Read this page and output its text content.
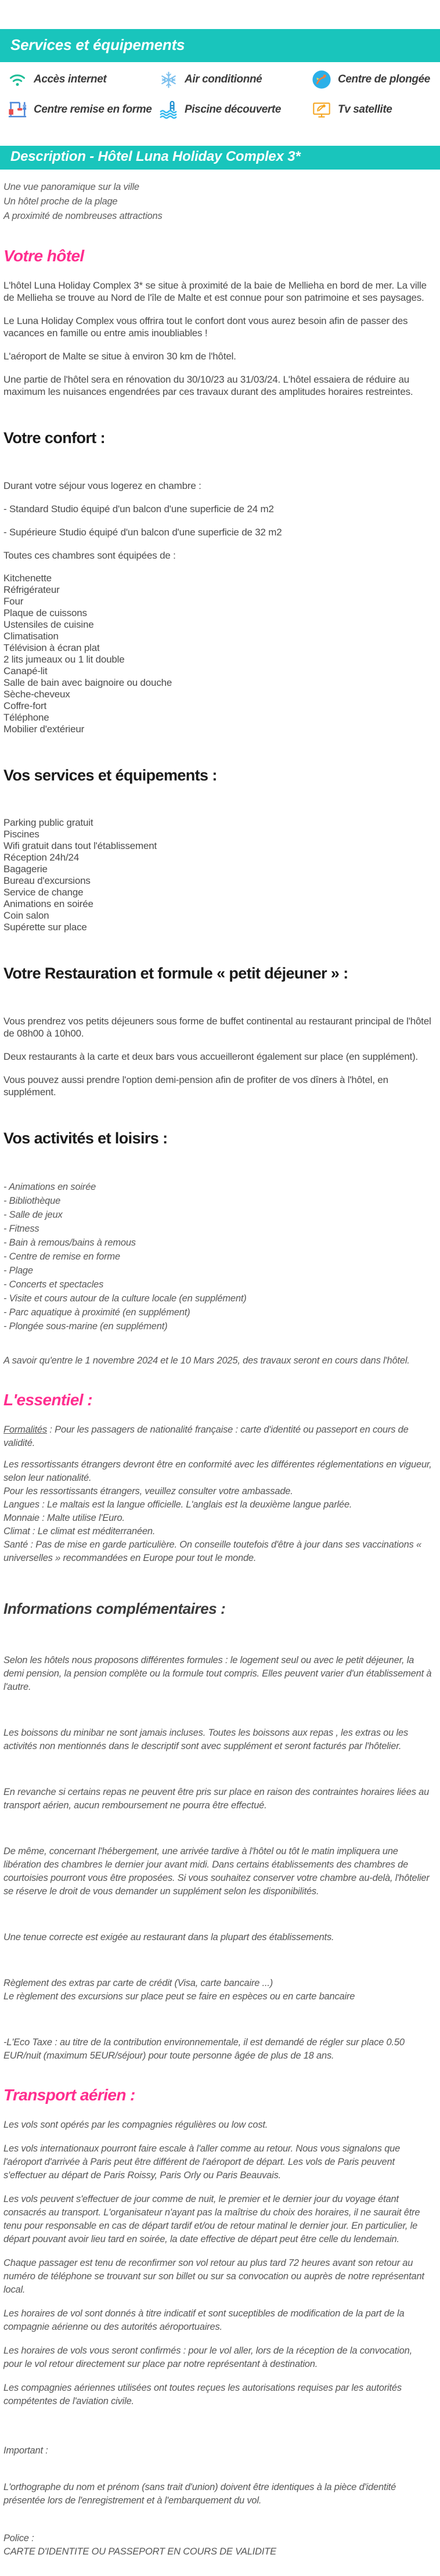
Services et équipements
Accès internet	Air conditionné	Centre de plongée
Centre remise en forme	Piscine découverte	Tv satellite
Description - Hôtel Luna Holiday Complex 3*
Une vue panoramique sur la ville
Un hôtel proche de la plage
A proximité de nombreuses attractions
Votre hôtel

L'hôtel Luna Holiday Complex 3* se situe à proximité de la baie de Mellieha en bord de mer. La ville de Mellieha se trouve au Nord de l'île de Malte et est connue pour son patrimoine et ses paysages.

Le Luna Holiday Complex vous offrira tout le confort dont vous aurez besoin afin de passer des vacances en famille ou entre amis inoubliables !

L'aéroport de Malte se situe à environ 30 km de l'hôtel.

Une partie de l'hôtel sera en rénovation du 30/10/23 au 31/03/24. L'hôtel essaiera de réduire au maximum les nuisances engendrées par ces travaux durant des amplitudes horaires restreintes.

Votre confort :

Durant votre séjour vous logerez en chambre :

- Standard Studio équipé d'un balcon d'une superficie de 24 m2

- Supérieure Studio équipé d'un balcon d'une superficie de 32 m2

Toutes ces chambres sont équipées de :

Kitchenette
Réfrigérateur
Four
Plaque de cuissons
Ustensiles de cuisine
Climatisation
Télévision à écran plat
2 lits jumeaux ou 1 lit double
Canapé-lit
Salle de bain avec baignoire ou douche
Sèche-cheveux
Coffre-fort
Téléphone
Mobilier d'extérieur
Vos services et équipements :
Parking public gratuit
Piscines
Wifi gratuit dans tout l'établissement
Réception 24h/24
Bagagerie
Bureau d'excursions
Service de change
Animations en soirée
Coin salon
Supérette sur place
Votre Restauration et formule « petit déjeuner » :

Vous prendrez vos petits déjeuners sous forme de buffet continental au restaurant principal de l'hôtel de 08h00 à 10h00.

Deux restaurants à la carte et deux bars vous accueilleront également sur place (en supplément).

Vous pouvez aussi prendre l'option demi-pension afin de profiter de vos dîners à l'hôtel, en supplément.

Vos activités et loisirs :
- Animations en soirée
- Bibliothèque
- Salle de jeux
- Fitness
- Bain à remous/bains à remous
- Centre de remise en forme
- Plage
- Concerts et spectacles
- Visite et cours autour de la culture locale (en supplément)
- Parc aquatique à proximité (en supplément)
- Plongée sous-marine (en supplément)
A savoir qu'entre le 1 novembre 2024 et le 10 Mars 2025, des travaux seront en cours dans l'hôtel.
L'essentiel :

Formalités : Pour les passagers de nationalité française : carte d'identité ou passeport en cours de validité.

Les ressortissants étrangers devront être en conformité avec les différentes réglementations en vigueur, selon leur nationalité.

Pour les ressortissants étrangers, veuillez consulter votre ambassade.

Langues : Le maltais est la langue officielle. L'anglais est la deuxième langue parlée.

Monnaie : Malte utilise l'Euro.

Climat : Le climat est méditerranéen.

Santé : Pas de mise en garde particulière. On conseille toutefois d'être à jour dans ses vaccinations « universelles » recommandées en Europe pour tout le monde.

Informations complémentaires :

Selon les hôtels nous proposons différentes formules : le logement seul ou avec le petit déjeuner, la demi pension, la pension complète ou la formule tout compris. Elles peuvent varier d'un établissement à l'autre.

Les boissons du minibar ne sont jamais incluses. Toutes les boissons aux repas , les extras ou les activités non mentionnés dans le descriptif sont avec supplément et seront facturés par l'hôtelier.

En revanche si certains repas ne peuvent être pris sur place en raison des contraintes horaires liées au transport aérien, aucun remboursement ne pourra être effectué.

De même, concernant l'hébergement, une arrivée tardive à l'hôtel ou tôt le matin impliquera une libération des chambres le dernier jour avant midi. Dans certains établissements des chambres de courtoisies pourront vous être proposées. Si vous souhaitez conserver votre chambre au-delà, l'hôtelier se réserve le droit de vous demander un supplément selon les disponibilités.

Une tenue correcte est exigée au restaurant dans la plupart des établissements.

Règlement des extras par carte de crédit (Visa, carte bancaire ...)

Le règlement des excursions sur place peut se faire en espèces ou en carte bancaire

-L'Eco Taxe : au titre de la contribution environnementale, il est demandé de régler sur place 0.50 EUR/nuit (maximum 5EUR/séjour) pour toute personne âgée de plus de 18 ans.

Transport aérien :

Les vols sont opérés par les compagnies régulières ou low cost.

Les vols internationaux pourront faire escale à l'aller comme au retour. Nous vous signalons que l'aéroport d'arrivée à Paris peut être différent de l'aéroport de départ. Les vols de Paris peuvent s'effectuer au départ de Paris Roissy, Paris Orly ou Paris Beauvais.

Les vols peuvent s'effectuer de jour comme de nuit, le premier et le dernier jour du voyage étant consacrés au transport. L'organisateur n'ayant pas la maîtrise du choix des horaires, il ne saurait être tenu pour responsable en cas de départ tardif et/ou de retour matinal le dernier jour. En particulier, le départ pouvant avoir lieu tard en soirée, la date effective de départ peut être celle du lendemain.

Chaque passager est tenu de reconfirmer son vol retour au plus tard 72 heures avant son retour au numéro de téléphone se trouvant sur son billet ou sur sa convocation ou auprès de notre représentant local.

Les horaires de vol sont donnés à titre indicatif et sont suceptibles de modification de la part de la compagnie aérienne ou des autorités aéroportuaires.

Les horaires de vols vous seront confirmés : pour le vol aller, lors de la réception de la convocation, pour le vol retour directement sur place par notre représentant à destination.

Les compagnies aériennes utilisées ont toutes reçues les autorisations requises par les autorités compétentes de l'aviation civile.

Important :

L'orthographe du nom et prénom (sans trait d'union) doivent être identiques à la pièce d'identité présentée lors de l'enregistrement et à l'embarquement du vol.

Police :

CARTE D'IDENTITE OU PASSEPORT EN COURS DE VALIDITE
